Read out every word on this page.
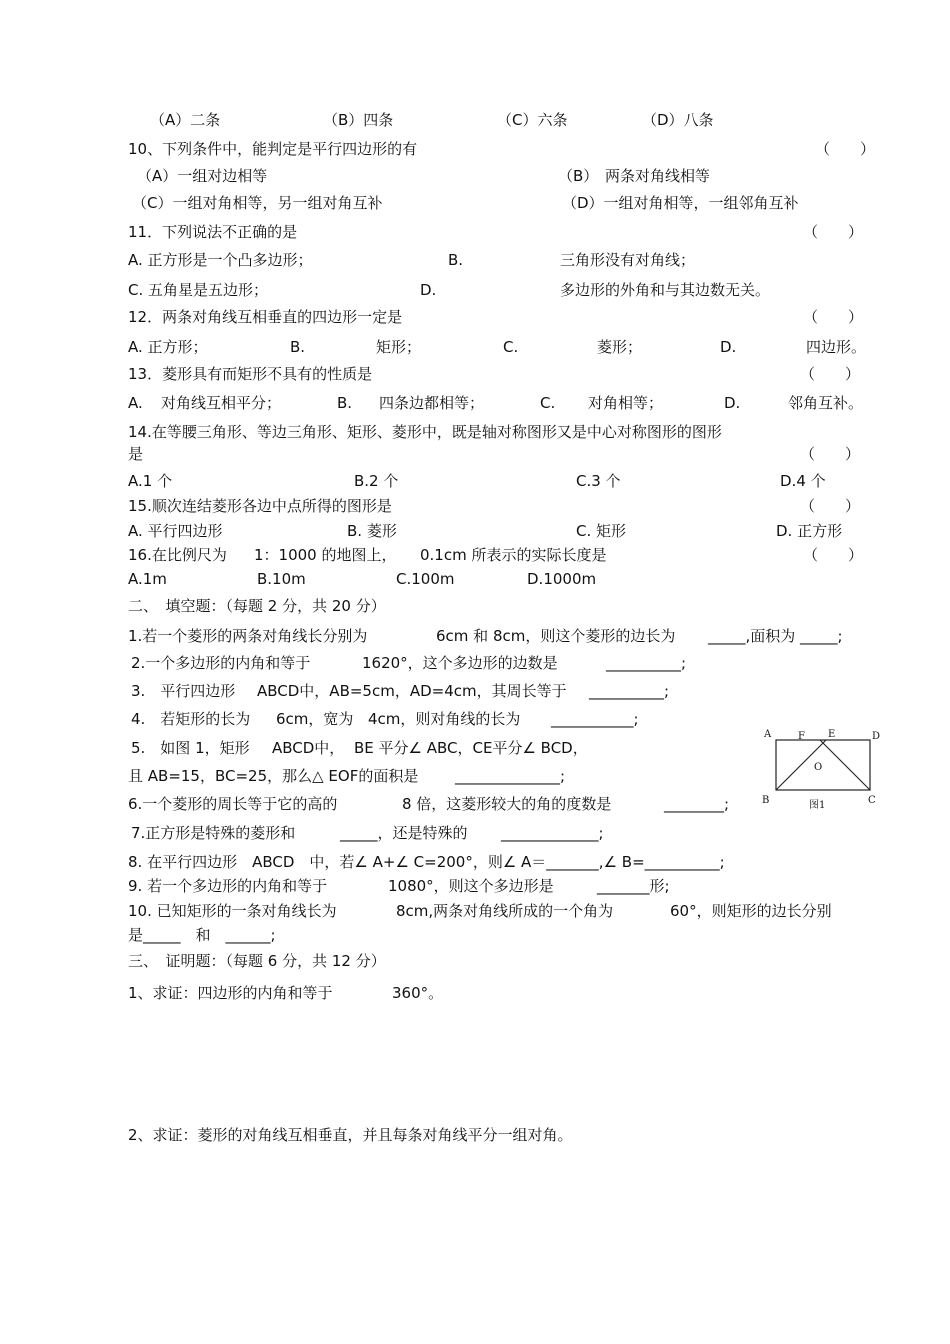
（A）二条	（B）四条	（C）六条	（D）八条
10、下列条件中，能判定是平行四边形的有	（　　）
（A）一组对边相等	（B） 两条对角线相等
（C）一组对角相等，另一组对角互补	（D）一组对角相等，一组邻角互补
11．下列说法不正确的是	（　　）
A. 正方形是一个凸多边形；	B.	三角形没有对角线；
C. 五角星是五边形；	D.	多边形的外角和与其边数无关。
12．两条对角线互相垂直的四边形一定是	（　　）
A. 正方形；	B.	矩形；	C.	菱形；	D.	四边形。
13．菱形具有而矩形不具有的性质是	（　　）
A. 对角线互相平分；	B. 四条边都相等；	C. 对角相等；	D.	邻角互补。
14.在等腰三角形、等边三角形、矩形、菱形中，既是轴对称图形又是中心对称图形的图形
是	（　　）
A.1 个	B.2 个	C.3 个	D.4 个
15.顺次连结菱形各边中点所得的图形是	（　　）
A. 平行四边形	B. 菱形	C. 矩形	D. 正方形
16.在比例尺为 1：1000 的地图上， 0.1cm 所表示的实际长度是	（　　）
A.1m	B.10m	C.100m	D.1000m
二、　填空题：（每题 2 分，共 20 分）
1.若一个菱形的两条对角线长分别为	6cm 和 8cm，则这个菱形的边长为 _____,面积为 _____;
2.一个多边形的内角和等于	1620°，这个多边形的边数是	__________;
3.　平行四边形 ABCD中，AB=5cm，AD=4cm，其周长等于 __________;
4.　若矩形的长为 6cm，宽为 4cm，则对角线的长为 ___________;
5.　如图 1，矩形 ABCD中， BE 平分∠ ABC，CE平分∠ BCD，
且 AB=15，BC=25，那么△ EOF的面积是 ______________;
A	F E	D
O
B	C
图1
6.一个菱形的周长等于它的高的	8 倍，这菱形较大的角的度数是	________;
7.正方形是特殊的菱形和	_____，还是特殊的 _____________;
8. 在平行四边形　ABCD　中，若∠ A+∠ C=200°，则∠ A＝_______,∠ B=__________;
9. 若一个多边形的内角和等于	1080°，则这个多边形是	_______形;
10. 已知矩形的一条对角线长为	8cm,两条对角线所成的一个角为	60°，则矩形的边长分别
是_____　和　______;
三、　证明题：（每题 6 分，共 12 分）
1、求证：四边形的内角和等于	360°。
2、求证：菱形的对角线互相垂直，并且每条对角线平分一组对角。
